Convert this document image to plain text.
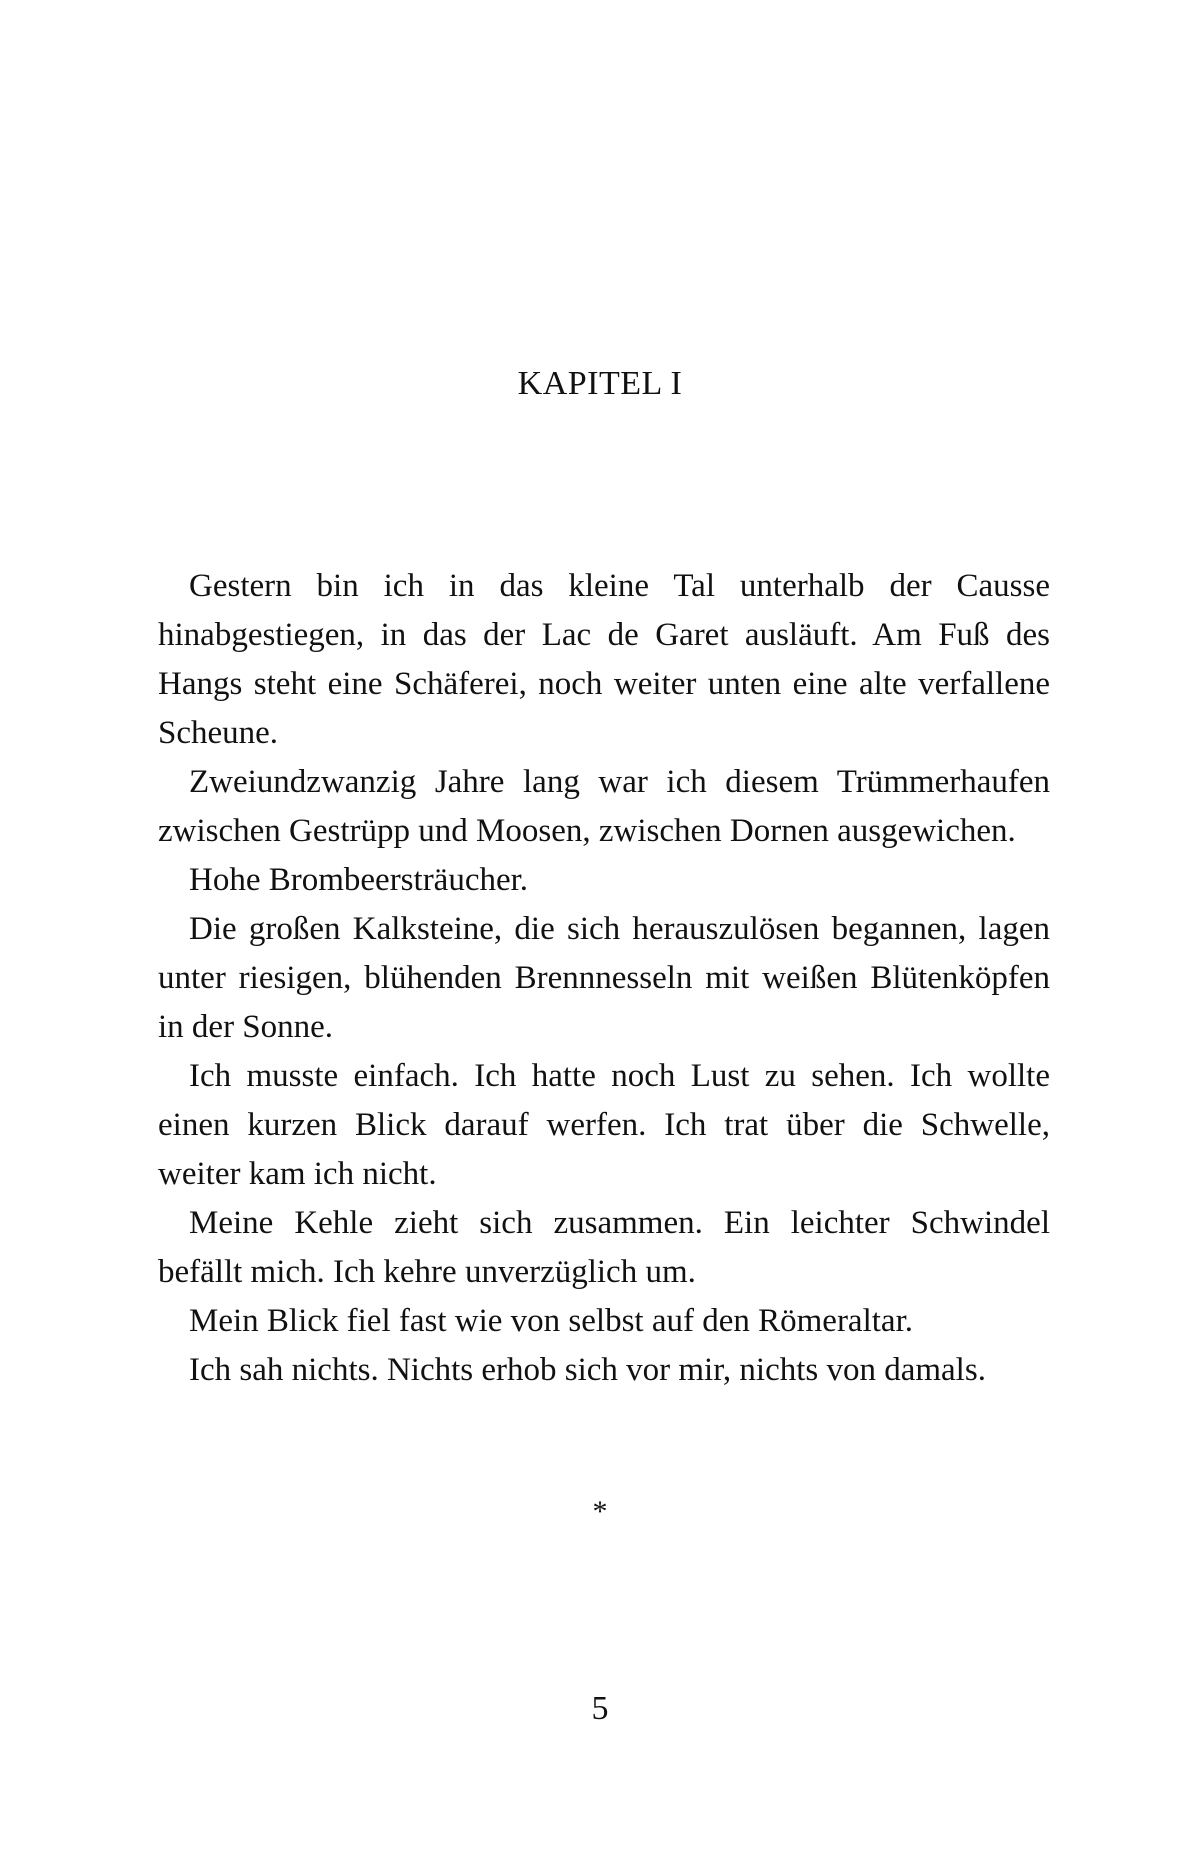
KAPITEL I

Gestern bin ich in das kleine Tal unterhalb der Causse hinabgestiegen, in das der Lac de Garet ausläuft. Am Fuß des Hangs steht eine Schäferei, noch weiter unten eine alte verfallene Scheune.

Zweiundzwanzig Jahre lang war ich diesem Trümmerhaufen zwischen Gestrüpp und Moosen, zwischen Dornen ausgewichen.

Hohe Brombeersträucher.

Die großen Kalksteine, die sich herauszulösen begannen, lagen unter riesigen, blühenden Brennnesseln mit weißen Blütenköpfen in der Sonne.

Ich musste einfach. Ich hatte noch Lust zu sehen. Ich wollte einen kurzen Blick darauf werfen. Ich trat über die Schwelle, weiter kam ich nicht.

Meine Kehle zieht sich zusammen. Ein leichter Schwindel befällt mich. Ich kehre unverzüglich um.

Mein Blick fiel fast wie von selbst auf den Römeraltar.

Ich sah nichts. Nichts erhob sich vor mir, nichts von damals.

*
5
